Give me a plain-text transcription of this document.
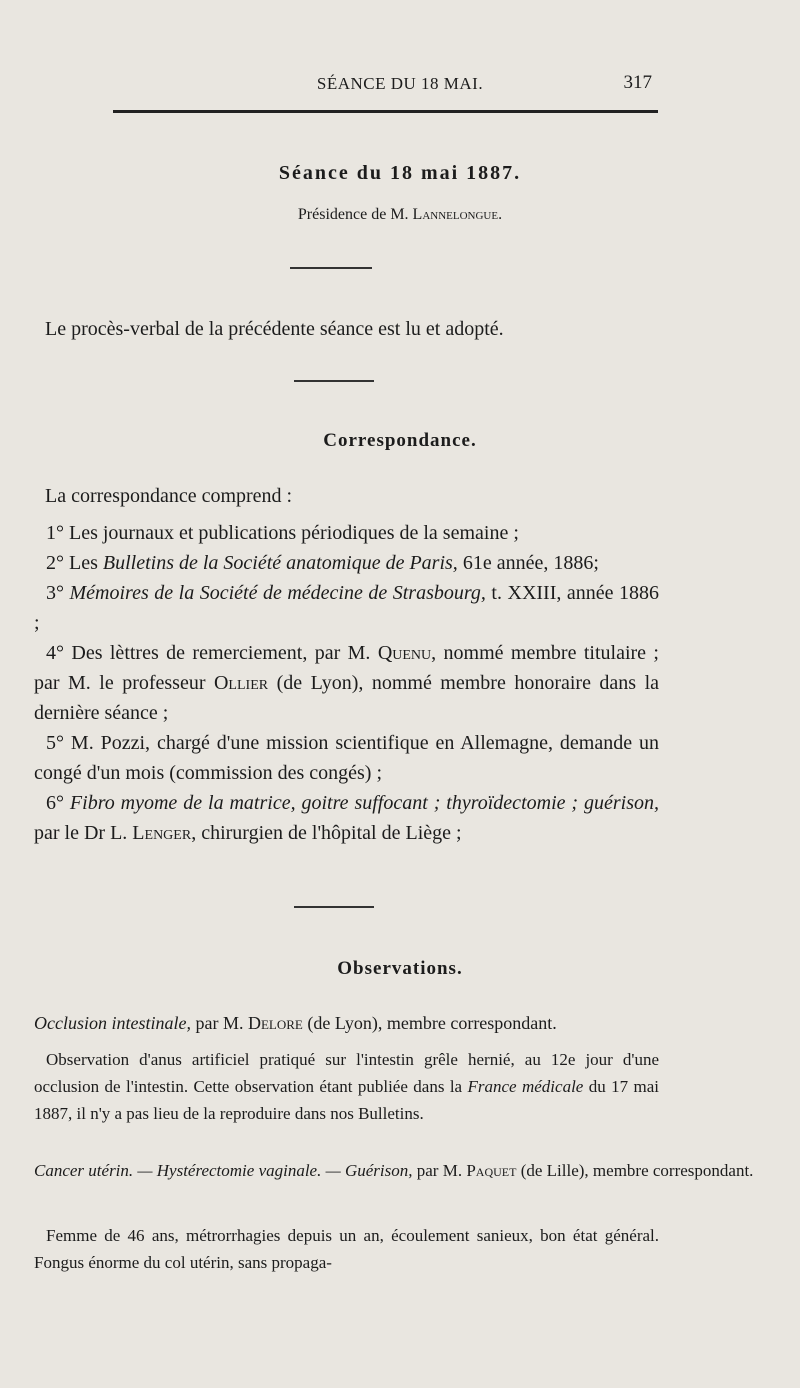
SÉANCE DU 18 MAI.	317
Séance du 18 mai 1887.
Présidence de M. Lannelongue.
Le procès-verbal de la précédente séance est lu et adopté.
Correspondance.
La correspondance comprend :
1° Les journaux et publications périodiques de la semaine ;
2° Les Bulletins de la Société anatomique de Paris, 61e année, 1886;
3° Mémoires de la Société de médecine de Strasbourg, t. XXIII, année 1886 ;
4° Des lèttres de remerciement, par M. Quenu, nommé membre titulaire ; par M. le professeur Ollier (de Lyon), nommé membre honoraire dans la dernière séance ;
5° M. Pozzi, chargé d'une mission scientifique en Allemagne, demande un congé d'un mois (commission des congés) ;
6° Fibro myome de la matrice, goitre suffocant ; thyroïdectomie ; guérison, par le Dr L. Lenger, chirurgien de l'hôpital de Liège ;
Observations.
Occlusion intestinale, par M. Delore (de Lyon), membre correspondant.
Observation d'anus artificiel pratiqué sur l'intestin grêle hernié, au 12e jour d'une occlusion de l'intestin. Cette observation étant publiée dans la France médicale du 17 mai 1887, il n'y a pas lieu de la reproduire dans nos Bulletins.
Cancer utérin. — Hystérectomie vaginale. — Guérison, par M. Paquet (de Lille), membre correspondant.
Femme de 46 ans, métrorrhagies depuis un an, écoulement sanieux, bon état général. Fongus énorme du col utérin, sans propaga-
